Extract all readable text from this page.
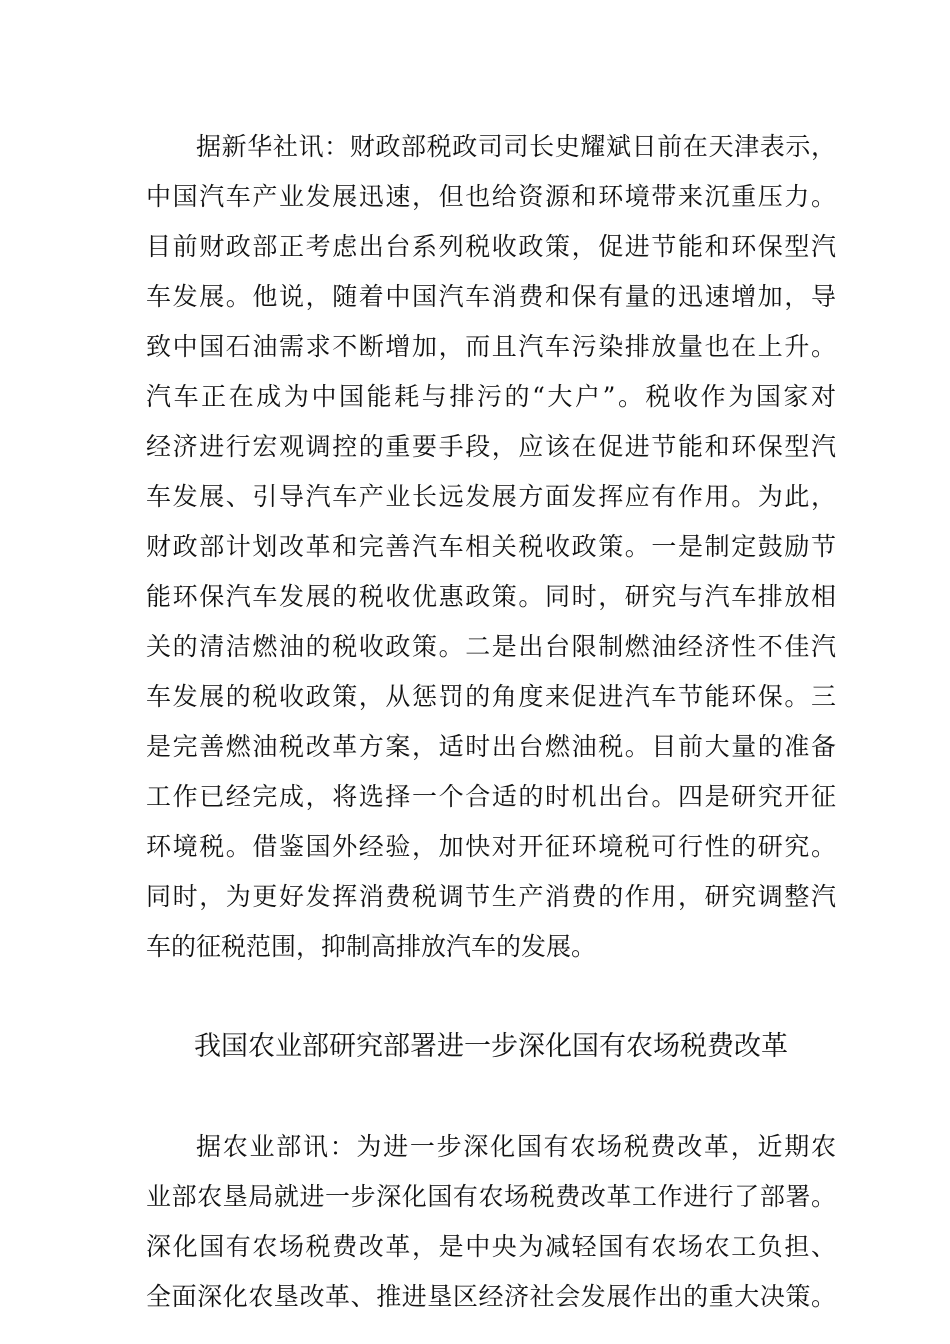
据新华社讯：财政部税政司司长史耀斌日前在天津表示，
中国汽车产业发展迅速，但也给资源和环境带来沉重压力。
目前财政部正考虑出台系列税收政策，促进节能和环保型汽
车发展。他说，随着中国汽车消费和保有量的迅速增加，导
致中国石油需求不断增加，而且汽车污染排放量也在上升。
汽车正在成为中国能耗与排污的“大户”。税收作为国家对
经济进行宏观调控的重要手段，应该在促进节能和环保型汽
车发展、引导汽车产业长远发展方面发挥应有作用。为此，
财政部计划改革和完善汽车相关税收政策。一是制定鼓励节
能环保汽车发展的税收优惠政策。同时，研究与汽车排放相
关的清洁燃油的税收政策。二是出台限制燃油经济性不佳汽
车发展的税收政策，从惩罚的角度来促进汽车节能环保。三
是完善燃油税改革方案，适时出台燃油税。目前大量的准备
工作已经完成，将选择一个合适的时机出台。四是研究开征
环境税。借鉴国外经验，加快对开征环境税可行性的研究。
同时，为更好发挥消费税调节生产消费的作用，研究调整汽
车的征税范围，抑制高排放汽车的发展。
我国农业部研究部署进一步深化国有农场税费改革
据农业部讯：为进一步深化国有农场税费改革，近期农
业部农垦局就进一步深化国有农场税费改革工作进行了部署。
深化国有农场税费改革，是中央为减轻国有农场农工负担、
全面深化农垦改革、推进垦区经济社会发展作出的重大决策。
